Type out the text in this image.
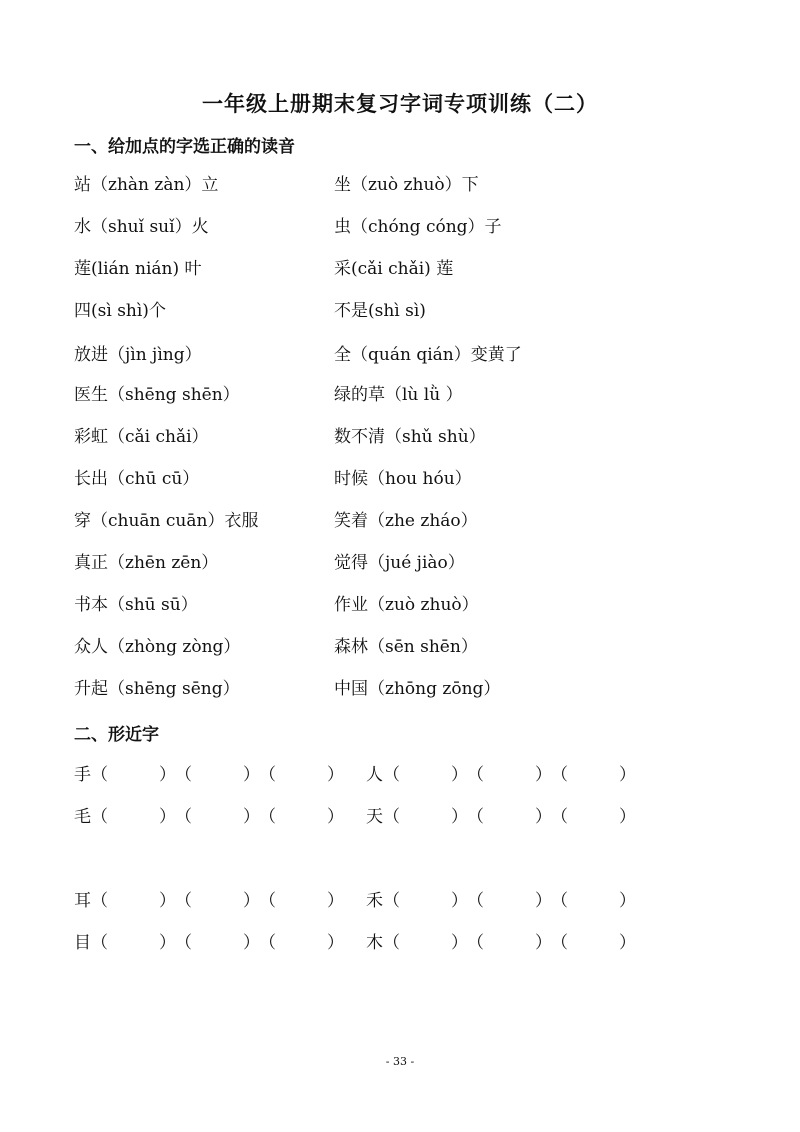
一年级上册期末复习字词专项训练（二）
一、给加点的字选正确的读音
站（zhàn zàn）立	坐（zuò zhuò）下
水（shuǐ suǐ）火	虫（chóng cóng）子
莲(lián nián) 叶	采(cǎi chǎi) 莲
四(sì shì)个	不是(shì sì)
放进（jìn jìng）	全（quán qián）变黄了
医生（shēng shēn）	绿的草（lù lǜ ）
彩虹（cǎi chǎi）	数不清（shǔ shù）
长出（chū cū）	时候（hou hóu）
穿（chuān cuān）衣服	笑着（zhe zháo）
真正（zhēn zēn）	觉得（jué jiào）
书本（shū sū）	作业（zuò zhuò）
众人（zhòng zòng）	森林（sēn shēn）
升起（shēng sēng）	中国（zhōng zōng）
二、形近字
手（　　　）（　　　）（　　　） 人（　　　）（　　　）（　　　）
毛（　　　）（　　　）（　　　） 天（　　　）（　　　）（　　　）
耳（　　　）（　　　）（　　　） 禾（　　　）（　　　）（　　　）
目（　　　）（　　　）（　　　） 木（　　　）（　　　）（　　　）
- 33 -
